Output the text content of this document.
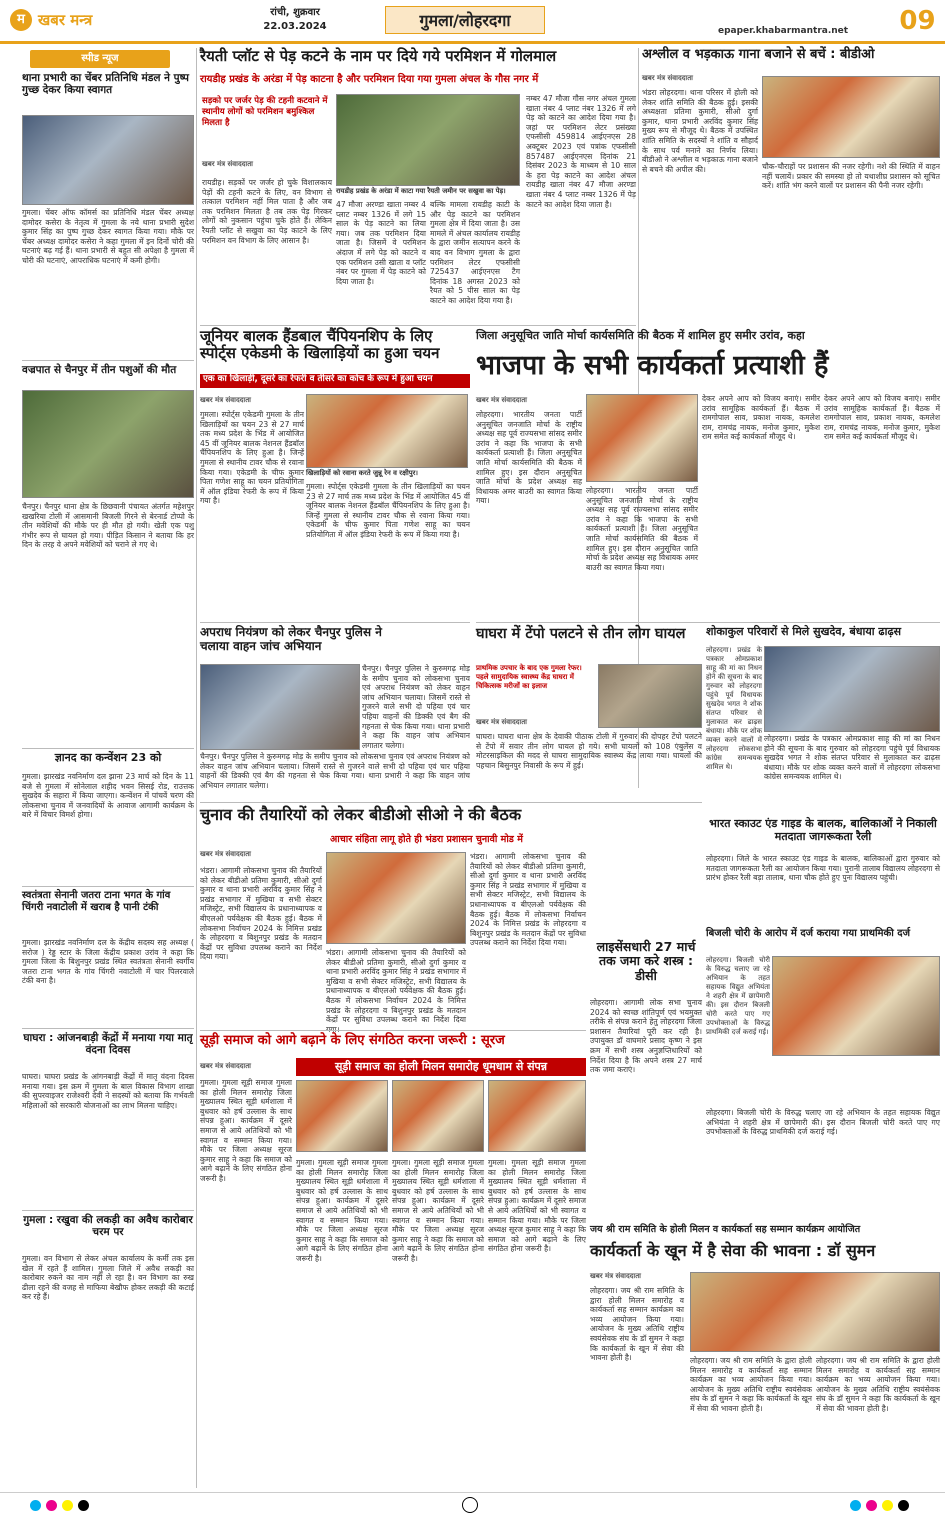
म खबर मन्त्र	रांची, शुक्रवार
22.03.2024	गुमला/लोहरदगा	09
epaper.khabarmantra.net
स्पीड न्यूज
थाना प्रभारी का चेंबर प्रतिनिधि मंडल ने पुष्प गुच्छ देकर किया स्वागत
गुमला। चेंबर ऑफ कॉमर्स का प्रतिनिधि मंडल चेंबर अध्यक्ष दामोदर कसेरा के नेतृत्व में गुमला के नये थाना प्रभारी सुदेश कुमार सिंह का पुष्प गुच्छ देकर स्वागत किया गया। मौके पर चेंबर अध्यक्ष दामोदर कसेरा ने कहा गुमला में इन दिनों चोरी की घटनाएं बढ़ गई हैं। थाना प्रभारी से बहुत सी अपेक्षा है गुमला में चोरी की घटनाएं, आपराधिक घटनाएं में कमी होगी।
वज्रपात से चैनपुर में तीन पशुओं की मौत
चैनपुर। चैनपुर थाना क्षेत्र के छिछवानी पंचायत अंतर्गत महेशपुर खखरिया टोली में आसमानी बिजली गिरने से बेरनार्ड टोप्पो के तीन मवेशियों की मौके पर ही मौत हो गयी। खेती एक पशु गंभीर रूप से घायल हो गया। पीड़ित किसान ने बताया कि हर दिन के तरह वे अपने मवेशियों को चराने ले गए थे।
ज्ञानद का कन्वेंशन 23 को
गुमला। झारखंड नवनिर्माण दल झाना 23 मार्च को दिन के 11 बजे से गुमला में सोनेलाल शहीद भवन सिसई रोड, राउत्तक सुखदेव के सहारा में किया जाएगा। कन्वेंशन में पांचवें चरण की लोकसभा चुनाव में जनवादियों के आवाज आगामी कार्यक्रम के बारे में विचार विमर्श होगा।
स्वतंत्रता सेनानी जतरा टाना भगत के गांव चिंगरी नवाटोली में खराब है पानी टंकी
गुमला। झारखंड नवनिर्माण दल के केंद्रीय सदस्य सह अध्यक्ष ( सरोज ) रेड्ड स्टार के जिला केंद्रीय प्रकाश उरांव ने कहा कि गुमला जिला के बिशुनपुर प्रखंड स्थित स्वतंत्रता सेनानी स्वर्गीय जतरा टाना भगत के गांव चिंगरी नवाटोली में चार पिलरवाले टंकी बना है।
घाघरा : आंजनबाड़ी केंद्रों में मनाया गया मातृ वंदना दिवस
घाघरा। घाघरा प्रखंड के आंगनबाड़ी केंद्रों में मातृ वंदना दिवस मनाया गया। इस क्रम में गुमला के बाल विकास विभाग शाखा की सुपरवाइजर राजेश्वरी देवी ने सदस्यों को बताया कि गर्भवती महिलाओं को सरकारी योजनाओं का लाभ मिलना चाहिए।
गुमला : रखुवा की लकड़ी का अवैध कारोबार चरम पर
गुमला। वन विभाग से लेकर अंचल कार्यालय के कर्मी तक इस खेल में रहते हैं शामिल। गुमला जिले में अवैध लकड़ी का कारोबार रुकने का नाम नहीं ले रहा है। वन विभाग का रुख ढीला रहने की वजह से माफिया बेखौफ होकर लकड़ी की कटाई कर रहे हैं।
रैयती प्लॉट से पेड़ कटने के नाम पर दिये गये परमिशन में गोलमाल
रायडीह प्रखंड के अरंडा में पेड़ काटना है और परमिशन दिया गया गुमला अंचल के गौस नगर में
सड़को पर जर्जर पेड़ की टहनी कटवाने में स्थानीय लोगों को परमिशन बमुश्किल मिलता है
खबर मंत्र संवाददाता
रायडीह प्रखंड के अरंडा में काटा गया रैयती जमीन पर सखुवा का पेड़।
रायडीह। सड़कों पर जर्जर हो चुके विशालकाय पेड़ों की टहनी कटने के लिए, वन विभाग से तत्काल परमिशन नहीं मिल पाता है और जब तक परमिशन मिलता है तब तक पेड़ गिरकर लोगों को नुकसान पहुंचा चुके होते हैं। लेकिन रैयती प्लॉट से सखुवा का पेड़ काटने के लिए परमिशन वन विभाग के लिए आसान है।
47 मौजा अरण्डा खाता नम्बर 4 प्लाट नम्बर 1326 में लगे 15 साल के पेड़ काटने का लिया गया। जब तक परमिशन दिया जाता है। जिसमें वे परमिशन अंदाज में लगे पेड़ को काटने व एक परमिशन उसी खाता व प्लॉट नंबर पर गुमला में पेड़ काटने को दिया जाता है।
बल्कि मामला रायडीह काटी के और पेड़ काटने का परमिशन गुमला क्षेत्र में दिया जाता है। उस मामले में अंचल कार्यालय रायडीह के द्वारा जमीन सत्यापन करने के बाद वन विभाग गुमला के द्वारा परमिशन लेटर एफसीसी 725437 आईएनएस टैग दिनांक 18 अगस्त 2023 को रैयत को 5 पीस साल का पेड़ काटने का आदेश दिया गया है।
नम्बर 47 मौजा गौस नगर अंचल गुमला खाता नंबर 4 प्लाट नंबर 1326 में लगे पेड़ को काटने का आदेश दिया गया है। जहां पर परमिशन लेटर प्रसंख्या एफसीसी 459814 आईएनएस 28 अक्टूबर 2023 एवं पत्रांक एफसीसी 857487 आईएनएस दिनांक 21 दिसंबर 2023 के माध्यम से 10 साल के हरा पेड़ काटने का आदेश अंचल रायडीह खाता नंबर 47 मौजा अरण्डा खाता नंबर 4 प्लाट नम्बर 1326 में पेड़ काटने का आदेश दिया जाता है।
जूनियर बालक हैंडबाल चैंपियनशिप के लिए स्पोर्ट्स एकेडमी के खिलाड़ियों का हुआ चयन
एक का खिलाड़ी, दूसरे का रेफरी व तीसरे का कोच के रूप में हुआ चयन
खबर मंत्र संवाददाता
खिलाड़ियों को रवाना करते जुन्नू रेन व रक्षीपुर।
गुमला। स्पोर्ट्स एकेडमी गुमला के तीन खिलाड़ियों का चयन 23 से 27 मार्च तक मध्य प्रदेश के भिंड में आयोजित 45 वीं जूनियर बालक नेशनल हैंडबॉल चैंपियनशिप के लिए हुआ है। जिन्हें गुमला से स्थानीय टावर चौक से रवाना किया गया। एकेडमी के चीफ कुमार पिता गणेश साहू का चयन प्रतियोगिता में ऑल इंडिया रेफरी के रूप में किया गया है।
गुमला। स्पोर्ट्स एकेडमी गुमला के तीन खिलाड़ियों का चयन 23 से 27 मार्च तक मध्य प्रदेश के भिंड में आयोजित 45 वीं जूनियर बालक नेशनल हैंडबॉल चैंपियनशिप के लिए हुआ है। जिन्हें गुमला से स्थानीय टावर चौक से रवाना किया गया। एकेडमी के चीफ कुमार पिता गणेश साहू का चयन प्रतियोगिता में ऑल इंडिया रेफरी के रूप में किया गया है।
अपराध नियंत्रण को लेकर चैनपुर पुलिस ने चलाया वाहन जांच अभियान
चैनपुर। चैनपुर पुलिस ने कुरुमगढ़ मोड़ के समीप चुनाव को लोकसभा चुनाव एवं अपराध नियंत्रण को लेकर वाहन जांच अभियान चलाया। जिसमें रास्ते से गुजरने वाले सभी दो पहिया एवं चार पहिया वाहनों की डिक्की एवं बैग की गहनता से चेक किया गया। थाना प्रभारी ने कहा कि वाहन जांच अभियान लगातार चलेगा।
चैनपुर। चैनपुर पुलिस ने कुरुमगढ़ मोड़ के समीप चुनाव को लोकसभा चुनाव एवं अपराध नियंत्रण को लेकर वाहन जांच अभियान चलाया। जिसमें रास्ते से गुजरने वाले सभी दो पहिया एवं चार पहिया वाहनों की डिक्की एवं बैग की गहनता से चेक किया गया। थाना प्रभारी ने कहा कि वाहन जांच अभियान लगातार चलेगा।
जिला अनुसूचित जाति मोर्चा कार्यसमिति की बैठक में शामिल हुए समीर उरांव, कहा
भाजपा के सभी कार्यकर्ता प्रत्याशी हैं
खबर मंत्र संवाददाता
लोहरदगा। भारतीय जनता पार्टी अनुसूचित जनजाति मोर्चा के राष्ट्रीय अध्यक्ष सह पूर्व राज्यसभा सांसद समीर उरांव ने कहा कि भाजपा के सभी कार्यकर्ता प्रत्याशी हैं। जिला अनुसूचित जाति मोर्चा कार्यसमिति की बैठक में शामिल हुए। इस दौरान अनुसूचित जाति मोर्चा के प्रदेश अध्यक्ष सह विधायक अमर बाउरी का स्वागत किया गया।
लोहरदगा। भारतीय जनता पार्टी अनुसूचित जनजाति मोर्चा के राष्ट्रीय अध्यक्ष सह पूर्व राज्यसभा सांसद समीर उरांव ने कहा कि भाजपा के सभी कार्यकर्ता प्रत्याशी हैं। जिला अनुसूचित जाति मोर्चा कार्यसमिति की बैठक में शामिल हुए। इस दौरान अनुसूचित जाति मोर्चा के प्रदेश अध्यक्ष सह विधायक अमर बाउरी का स्वागत किया गया।
देकर अपने आप को विजय बनाएं। समीर उरांव सामूहिक कार्यकर्ता हैं। बैठक में रामगोपाल साव, प्रकाश नायक, कमलेश राम, रामचंद्र नायक, मनोज कुमार, मुकेश राम समेत कई कार्यकर्ता मौजूद थे।
देकर अपने आप को विजय बनाएं। समीर उरांव सामूहिक कार्यकर्ता हैं। बैठक में रामगोपाल साव, प्रकाश नायक, कमलेश राम, रामचंद्र नायक, मनोज कुमार, मुकेश राम समेत कई कार्यकर्ता मौजूद थे।
घाघरा में टेंपो पलटने से तीन लोग घायल
प्राथमिक उपचार के बाद एक गुमला रेफर। पहले सामुदायिक स्वास्थ्य केंद्र घाघरा में चिकित्सक मरीजों का इलाज
खबर मंत्र संवाददाता
घाघरा। घाघरा थाना क्षेत्र के देवाकी पीठाक टोली में गुरुवार की दोपहर टेंपो पलटने से टेंपो में सवार तीन लोग घायल हो गये। सभी घायलों को 108 एंबुलेंस व मोटरसाइकिल की मदद से घाघरा सामुदायिक स्वास्थ्य केंद्र लाया गया। घायलों की पहचान बिसुनपुर निवासी के रूप में हुई।
अश्लील व भड़काऊ गाना बजाने से बचें : बीडीओ
खबर मंत्र संवाददाता
भंडरा लोहरदगा। थाना परिसर में होली को लेकर शांति समिति की बैठक हुई। इसकी अध्यक्षता प्रतिमा कुमारी, सीओ दुर्गा कुमार, थाना प्रभारी अरविंद कुमार सिंह मुख्य रूप से मौजूद थे। बैठक में उपस्थित शांति समिति के सदस्यों ने शांति व सौहार्द के साथ पर्व मनाने का निर्णय लिया। बीडीओ ने अश्लील व भड़काऊ गाना बजाने से बचने की अपील की।	चौक-चौराहों पर प्रशासन की नजर रहेगी। नशे की स्थिति में वाहन नहीं चलायें। प्रकार की समस्या हो तो यथाशीघ्र प्रशासन को सूचित करें। शांति भंग करने वालों पर प्रशासन की पैनी नजर रहेगी।
शोकाकुल परिवारों से मिले सुखदेव, बंधाया ढाढ़स
लोहरदगा। प्रखंड के पत्रकार ओमप्रकाश साहू की मां का निधन होने की सूचना के बाद गुरुवार को लोहरदगा पहुंचे पूर्व विधायक सुखदेव भगत ने शोक संतप्त परिवार से मुलाकात कर ढाढ़स बंधाया। मौके पर शोक व्यक्त करने वालों में लोहरदगा लोकसभा कांग्रेस समन्वयक शामिल थे।
लोहरदगा। प्रखंड के पत्रकार ओमप्रकाश साहू की मां का निधन होने की सूचना के बाद गुरुवार को लोहरदगा पहुंचे पूर्व विधायक सुखदेव भगत ने शोक संतप्त परिवार से मुलाकात कर ढाढ़स बंधाया। मौके पर शोक व्यक्त करने वालों में लोहरदगा लोकसभा कांग्रेस समन्वयक शामिल थे।
चुनाव की तैयारियों को लेकर बीडीओ सीओ ने की बैठक
आचार संहिता लागू होते ही भंडरा प्रशासन चुनावी मोड में
खबर मंत्र संवाददाता
भंडरा। आगामी लोकसभा चुनाव की तैयारियों को लेकर बीडीओ प्रतिमा कुमारी, सीओ दुर्गा कुमार व थाना प्रभारी अरविंद कुमार सिंह ने प्रखंड सभागार में मुखिया व सभी सेक्टर मजिस्ट्रेट, सभी विद्यालय के प्रधानाध्यापक व बीएलओ पर्यवेक्षक की बैठक हुई। बैठक में लोकसभा निर्वाचन 2024 के निमित्त प्रखंड के लोहरदगा व बिशुनपुर प्रखंड के मतदान केंद्रों पर सुविधा उपलब्ध कराने का निर्देश दिया गया।	भंडरा। आगामी लोकसभा चुनाव की तैयारियों को लेकर बीडीओ प्रतिमा कुमारी, सीओ दुर्गा कुमार व थाना प्रभारी अरविंद कुमार सिंह ने प्रखंड सभागार में मुखिया व सभी सेक्टर मजिस्ट्रेट, सभी विद्यालय के प्रधानाध्यापक व बीएलओ पर्यवेक्षक की बैठक हुई। बैठक में लोकसभा निर्वाचन 2024 के निमित्त प्रखंड के लोहरदगा व बिशुनपुर प्रखंड के मतदान केंद्रों पर सुविधा उपलब्ध कराने का निर्देश दिया
भंडरा। आगामी लोकसभा चुनाव की तैयारियों को लेकर बीडीओ प्रतिमा कुमारी, सीओ दुर्गा कुमार व थाना प्रभारी अरविंद कुमार सिंह ने प्रखंड सभागार में मुखिया व सभी सेक्टर मजिस्ट्रेट, सभी विद्यालय के प्रधानाध्यापक व बीएलओ पर्यवेक्षक की बैठक हुई। बैठक में लोकसभा निर्वाचन 2024 के निमित्त प्रखंड के लोहरदगा व बिशुनपुर प्रखंड के मतदान केंद्रों पर सुविधा उपलब्ध कराने का निर्देश दिया गया।	लाइसेंसधारी 27 मार्च तक जमा करे शस्त्र : डीसी
लोहरदगा। आगामी लोक सभा चुनाव 2024 को स्वच्छ शांतिपूर्ण एवं भयमुक्त तरीके से संपन्न कराने हेतु लोहरदगा जिला प्रशासन तैयारियां पूरी कर रही है। उपायुक्त डॉ वाघमारे प्रसाद कृष्ण ने इस क्रम में सभी शस्त्र अनुज्ञप्तिधारियों को निर्देश दिया है कि अपने शस्त्र 27 मार्च तक जमा कराएं।
भारत स्काउट एंड गाइड के बालक, बालिकाओं ने निकाली मतदाता जागरूकता रैली
लोहरदगा। जिले के भारत स्काउट एंड गाइड के बालक, बालिकाओं द्वारा गुरुवार को मतदाता जागरूकता रैली का आयोजन किया गया। पुरानी तालाब विद्यालय लोहरदगा से प्रारंभ होकर रैली बड़ा तालाब, थाना चौक होते हुए पुनः विद्यालय पहुंची।
बिजली चोरी के आरोप में दर्ज कराया गया प्राथमिकी दर्ज
लोहरदगा। बिजली चोरी के विरुद्ध चलाए जा रहे अभियान के तहत सहायक विद्युत अभियंता ने शहरी क्षेत्र में छापेमारी की। इस दौरान बिजली चोरी करते पाए गए उपभोक्ताओं के विरुद्ध प्राथमिकी दर्ज कराई गई।
लोहरदगा। बिजली चोरी के विरुद्ध चलाए जा रहे अभियान के तहत सहायक विद्युत अभियंता ने शहरी क्षेत्र में छापेमारी की। इस दौरान बिजली चोरी करते पाए गए उपभोक्ताओं के विरुद्ध प्राथमिकी दर्ज कराई गई।
सूड़ी समाज को आगे बढ़ाने के लिए संगठित करना जरूरी : सूरज
सूड़ी समाज का होली मिलन समारोह धूमधाम से संपन्न
खबर मंत्र संवाददाता
गुमला। गुमला सूड़ी समाज गुमला का होली मिलन समारोह जिला मुख्यालय स्थित सूड़ी धर्मशाला में बुधवार को हर्ष उल्लास के साथ संपन्न हुआ। कार्यक्रम में दूसरे समाज से आये अतिथियों को भी स्वागत व सम्मान किया गया। मौके पर जिला अध्यक्ष सूरज कुमार साहू ने कहा कि समाज को आगे बढ़ाने के लिए संगठित होना जरूरी है।
गुमला। गुमला सूड़ी समाज गुमला का होली मिलन समारोह जिला मुख्यालय स्थित सूड़ी धर्मशाला में बुधवार को हर्ष उल्लास के साथ संपन्न हुआ। कार्यक्रम में दूसरे समाज से आये अतिथियों को भी स्वागत व सम्मान किया गया। मौके पर जिला अध्यक्ष सूरज कुमार साहू ने कहा कि समाज को आगे बढ़ाने के लिए संगठित होना जरूरी है।
गुमला। गुमला सूड़ी समाज गुमला का होली मिलन समारोह जिला मुख्यालय स्थित सूड़ी धर्मशाला में बुधवार को हर्ष उल्लास के साथ संपन्न हुआ। कार्यक्रम में दूसरे समाज से आये अतिथियों को भी स्वागत व सम्मान किया गया। मौके पर जिला अध्यक्ष सूरज कुमार साहू ने कहा कि समाज को आगे बढ़ाने के लिए संगठित होना जरूरी है।
गुमला। गुमला सूड़ी समाज गुमला का होली मिलन समारोह जिला मुख्यालय स्थित सूड़ी धर्मशाला में बुधवार को हर्ष उल्लास के साथ संपन्न हुआ। कार्यक्रम में दूसरे समाज से आये अतिथियों को भी स्वागत व सम्मान किया गया। मौके पर जिला अध्यक्ष सूरज कुमार साहू ने कहा कि समाज को आगे बढ़ाने के लिए संगठित होना जरूरी है।
जय श्री राम समिति के होली मिलन व कार्यकर्ता सह सम्मान कार्यक्रम आयोजित
कार्यकर्ता के खून में है सेवा की भावना : डॉ सुमन
खबर मंत्र संवाददाता
लोहरदगा। जय श्री राम समिति के द्वारा होली मिलन समारोह व कार्यकर्ता सह सम्मान कार्यक्रम का भव्य आयोजन किया गया। आयोजन के मुख्य अतिथि राष्ट्रीय स्वयंसेवक संघ के डॉ सुमन ने कहा कि कार्यकर्ता के खून में सेवा की भावना होती है।	लोहरदगा। जय श्री राम समिति के द्वारा होली मिलन समारोह व कार्यकर्ता सह सम्मान कार्यक्रम का भव्य आयोजन किया गया। आयोजन के मुख्य अतिथि राष्ट्रीय स्वयंसेवक संघ के डॉ सुमन ने कहा कि कार्यकर्ता के खून में सेवा की भावना होती है।
लोहरदगा। जय श्री राम समिति के द्वारा होली मिलन समारोह व कार्यकर्ता सह सम्मान कार्यक्रम का भव्य आयोजन किया गया। आयोजन के मुख्य अतिथि राष्ट्रीय स्वयंसेवक संघ के डॉ सुमन ने कहा कि कार्यकर्ता के खून में सेवा की भावना होती है।
